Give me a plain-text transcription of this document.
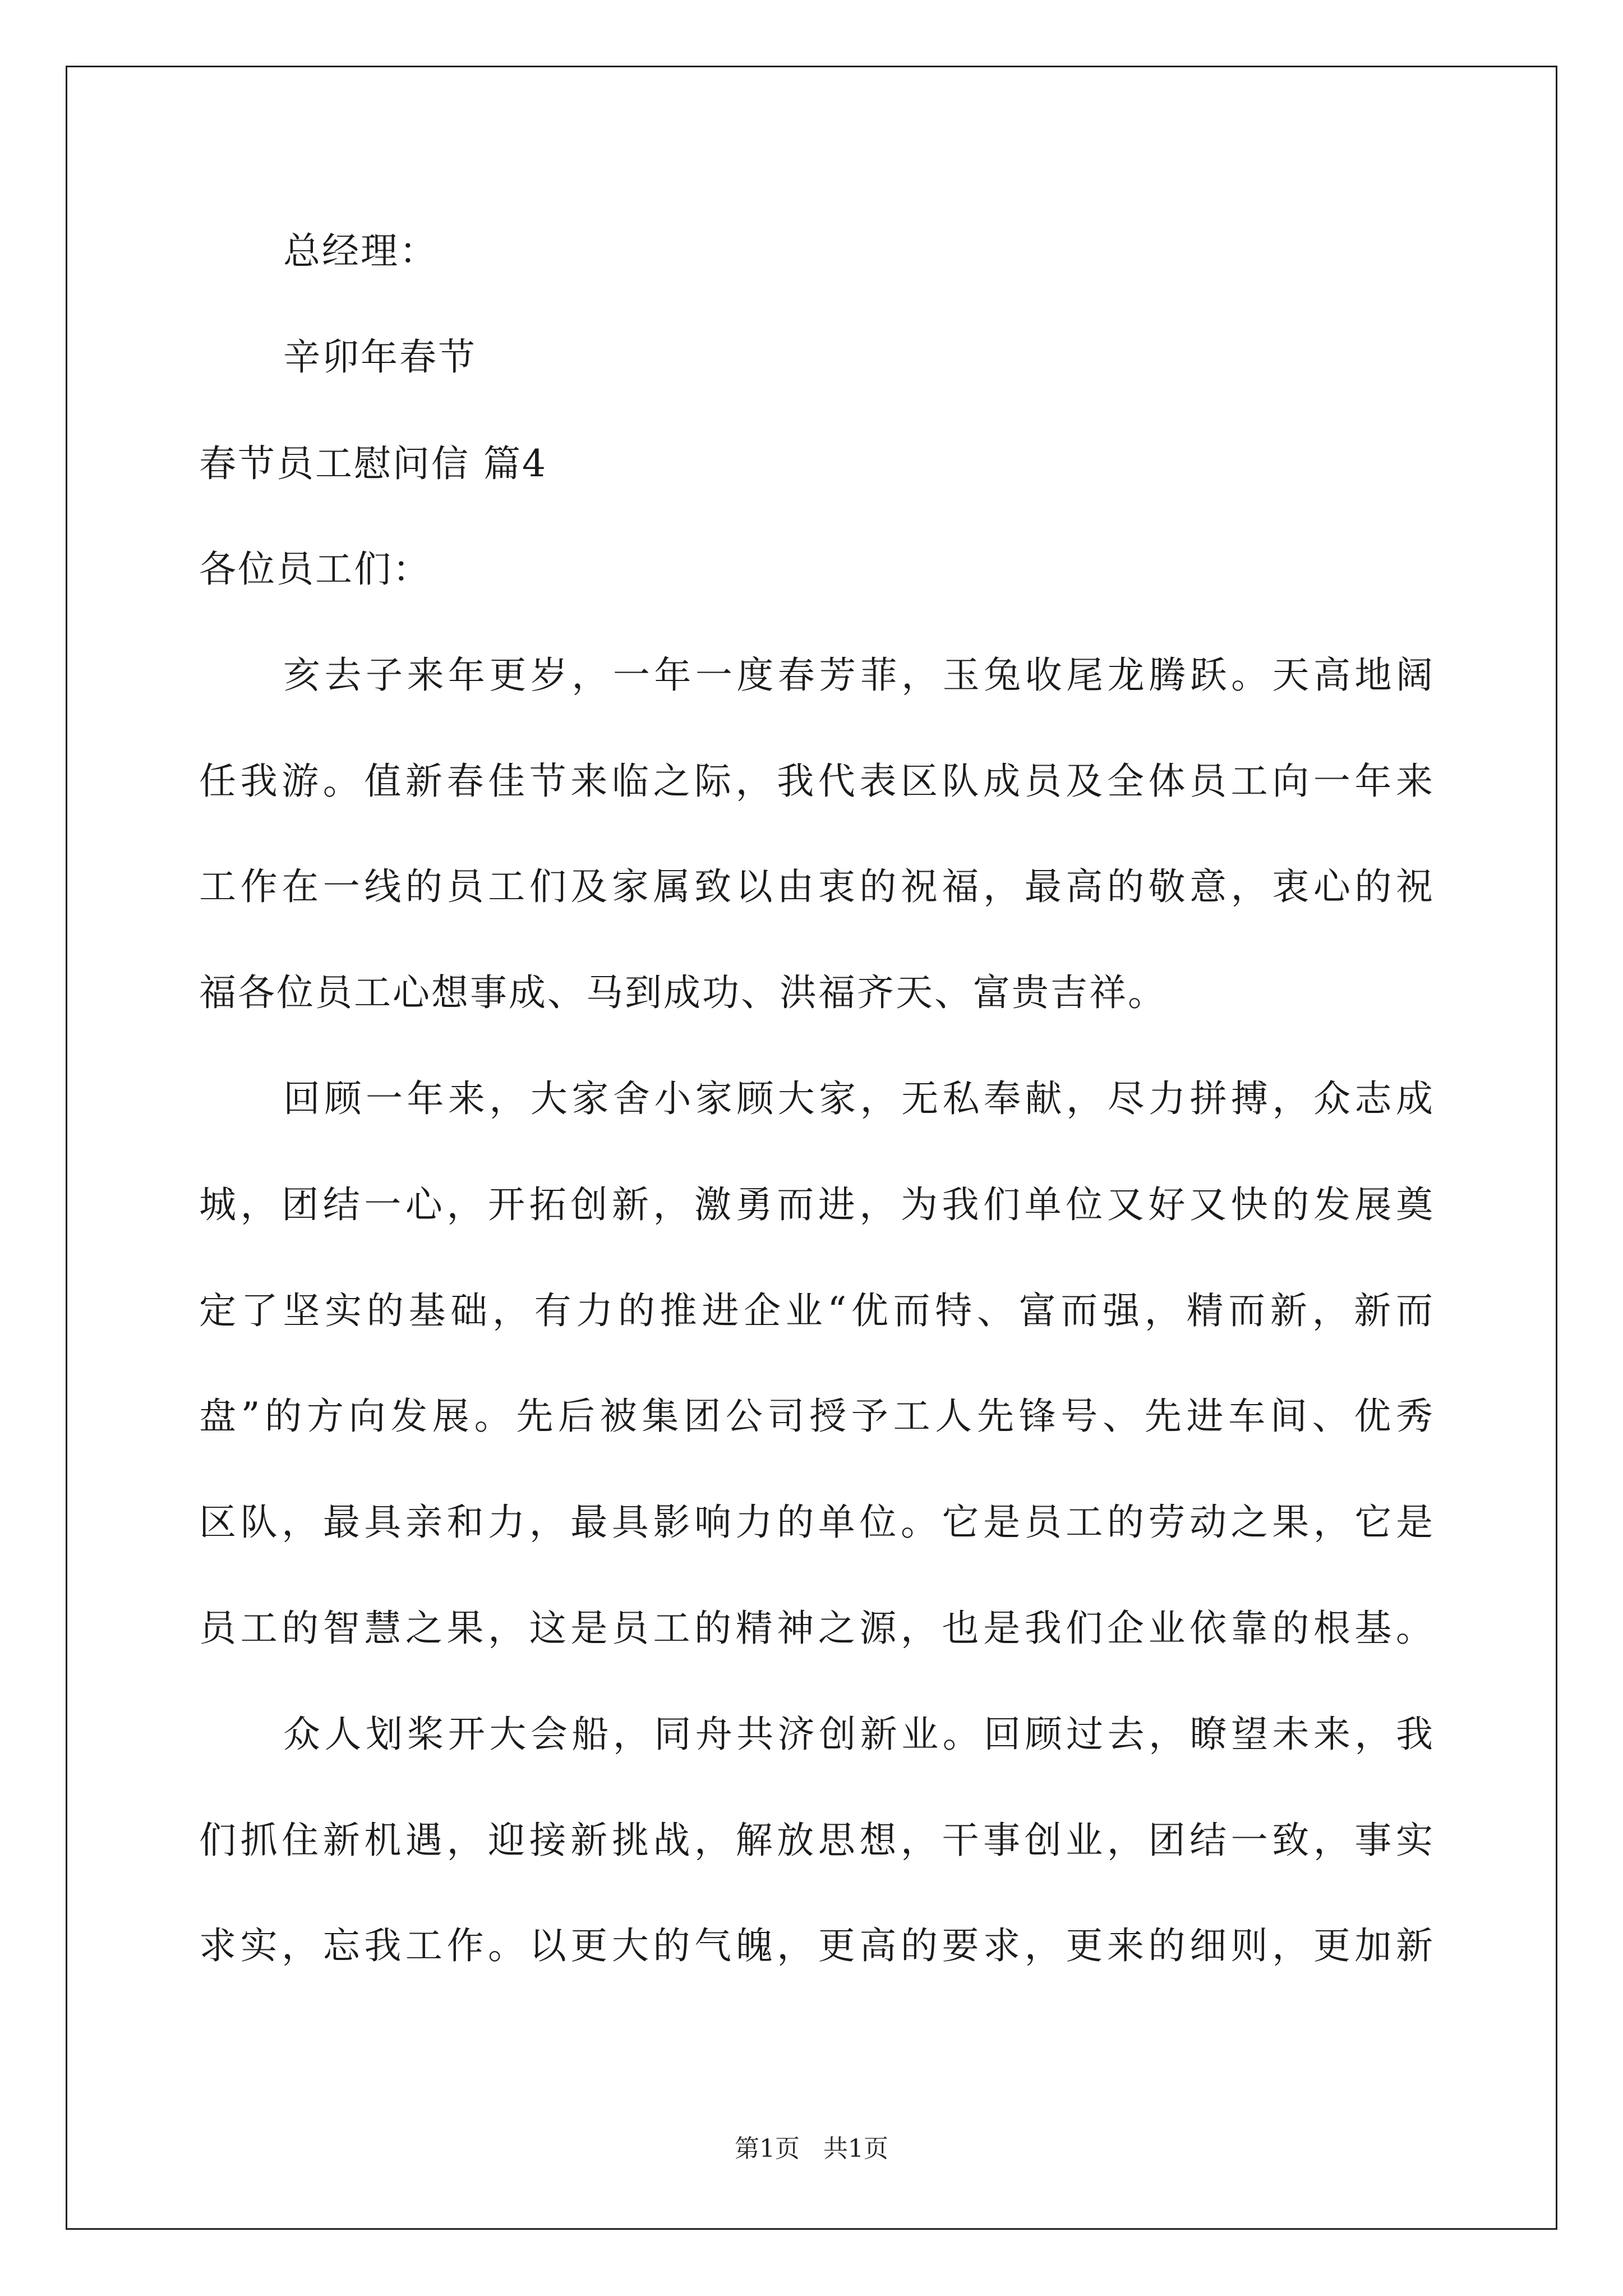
总经理：
辛卯年春节
春节员工慰问信 篇4
各位员工们：
亥去子来年更岁，一年一度春芳菲，玉兔收尾龙腾跃。天高地阔
任我游。值新春佳节来临之际，我代表区队成员及全体员工向一年来
工作在一线的员工们及家属致以由衷的祝福，最高的敬意，衷心的祝
福各位员工心想事成、马到成功、洪福齐天、富贵吉祥。
回顾一年来，大家舍小家顾大家，无私奉献，尽力拼搏，众志成
城，团结一心，开拓创新，激勇而进，为我们单位又好又快的发展奠
定了坚实的基础，有力的推进企业“优而特、富而强，精而新，新而
盘”的方向发展。先后被集团公司授予工人先锋号、先进车间、优秀
区队，最具亲和力，最具影响力的单位。它是员工的劳动之果，它是
员工的智慧之果，这是员工的精神之源，也是我们企业依靠的根基。
众人划桨开大会船，同舟共济创新业。回顾过去，瞭望未来，我
们抓住新机遇，迎接新挑战，解放思想，干事创业，团结一致，事实
求实，忘我工作。以更大的气魄，更高的要求，更来的细则，更加新
第1页 共1页
